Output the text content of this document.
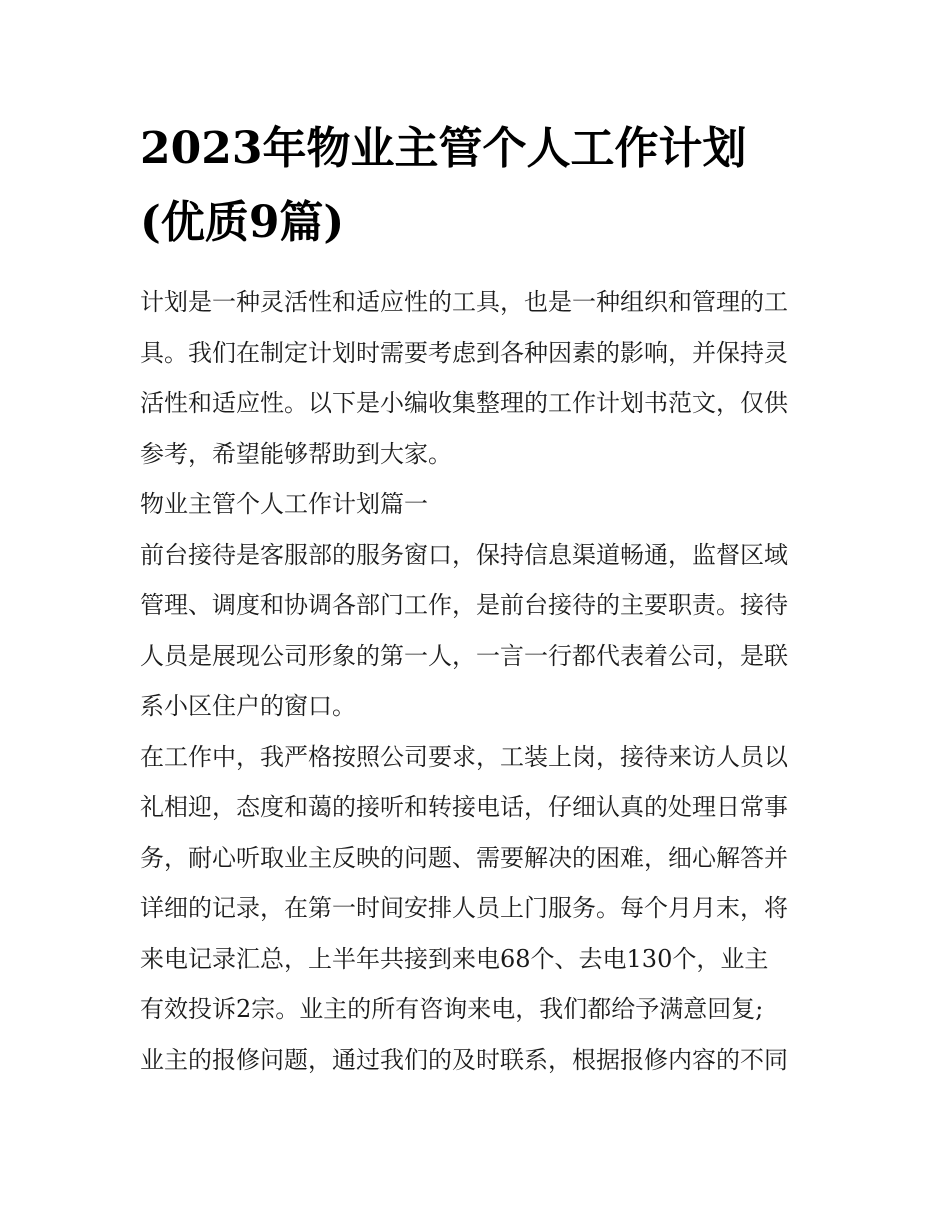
2023年物业主管个人工作计划
(优质9篇)

计划是一种灵活性和适应性的工具，也是一种组织和管理的工
具。我们在制定计划时需要考虑到各种因素的影响，并保持灵
活性和适应性。以下是小编收集整理的工作计划书范文，仅供
参考，希望能够帮助到大家。

物业主管个人工作计划篇一

前台接待是客服部的服务窗口，保持信息渠道畅通，监督区域
管理、调度和协调各部门工作，是前台接待的主要职责。接待
人员是展现公司形象的第一人，一言一行都代表着公司，是联
系小区住户的窗口。

在工作中，我严格按照公司要求，工装上岗，接待来访人员以
礼相迎，态度和蔼的接听和转接电话，仔细认真的处理日常事
务，耐心听取业主反映的问题、需要解决的困难，细心解答并
详细的记录，在第一时间安排人员上门服务。每个月月末，将
来电记录汇总，上半年共接到来电68个、去电130个，业主
有效投诉2宗。业主的所有咨询来电，我们都给予满意回复;
业主的报修问题，通过我们的及时联系，根据报修内容的不同
